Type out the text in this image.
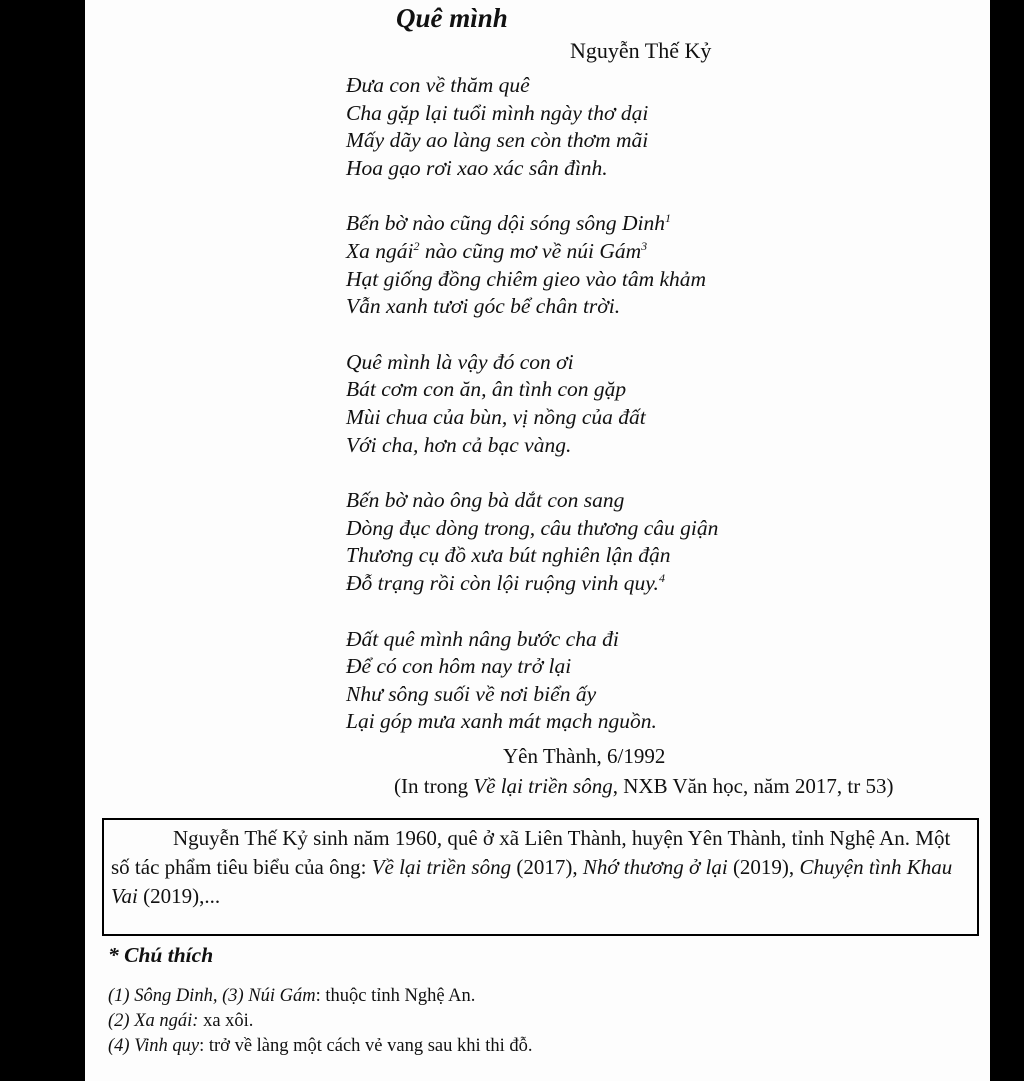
Quê mình
Nguyễn Thế Kỷ
Đưa con về thăm quê
Cha gặp lại tuổi mình ngày thơ dại
Mấy dãy ao làng sen còn thơm mãi
Hoa gạo rơi xao xác sân đình.
Bến bờ nào cũng dội sóng sông Dinh$^1$
Xa ngái$^2$ nào cũng mơ về núi Gám$^3$
Hạt giống đồng chiêm gieo vào tâm khảm
Vẫn xanh tươi góc bể chân trời.
Quê mình là vậy đó con ơi
Bát cơm con ăn, ân tình con gặp
Mùi chua của bùn, vị nồng của đất
Với cha, hơn cả bạc vàng.
Bến bờ nào ông bà dắt con sang
Dòng đục dòng trong, câu thương câu giận
Thương cụ đồ xưa bút nghiên lận đận
Đỗ trạng rồi còn lội ruộng vinh quy.$^4$
Đất quê mình nâng bước cha đi
Để có con hôm nay trở lại
Như sông suối về nơi biển ấy
Lại góp mưa xanh mát mạch nguồn.
Yên Thành, 6/1992
(In trong Về lại triền sông, NXB Văn học, năm 2017, tr 53)
Nguyễn Thế Kỷ sinh năm 1960, quê ở xã Liên Thành, huyện Yên Thành, tỉnh Nghệ An. Một số tác phẩm tiêu biểu của ông: Về lại triền sông (2017), Nhớ thương ở lại (2019), Chuyện tình Khau Vai (2019),...
* Chú thích
(1) Sông Dinh, (3) Núi Gám: thuộc tỉnh Nghệ An.
(2) Xa ngái: xa xôi.
(4) Vinh quy: trở về làng một cách vẻ vang sau khi thi đỗ.
